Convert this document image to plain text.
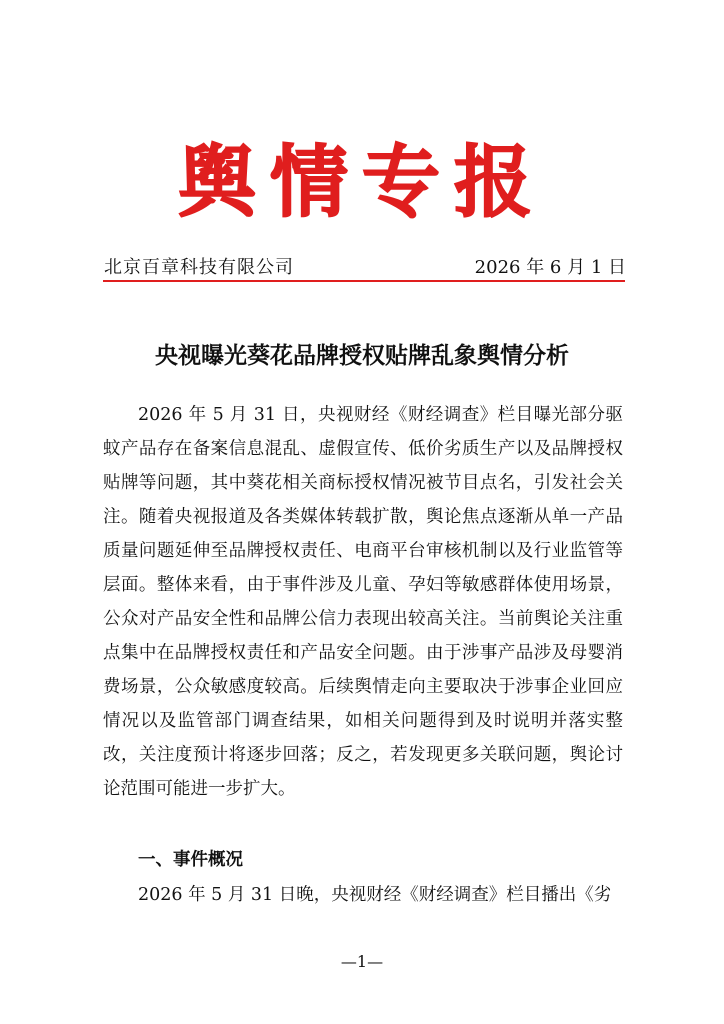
舆情专报
北京百章科技有限公司	2026 年 6 月 1 日
央视曝光葵花品牌授权贴牌乱象舆情分析
2026 年 5 月 31 日，央视财经《财经调查》栏目曝光部分驱蚊产品存在备案信息混乱、虚假宣传、低价劣质生产以及品牌授权贴牌等问题，其中葵花相关商标授权情况被节目点名，引发社会关注。随着央视报道及各类媒体转载扩散，舆论焦点逐渐从单一产品质量问题延伸至品牌授权责任、电商平台审核机制以及行业监管等层面。整体来看，由于事件涉及儿童、孕妇等敏感群体使用场景，公众对产品安全性和品牌公信力表现出较高关注。当前舆论关注重点集中在品牌授权责任和产品安全问题。由于涉事产品涉及母婴消费场景，公众敏感度较高。后续舆情走向主要取决于涉事企业回应情况以及监管部门调查结果，如相关问题得到及时说明并落实整改，关注度预计将逐步回落；反之，若发现更多关联问题，舆论讨论范围可能进一步扩大。
一、事件概况
2026 年 5 月 31 日晚，央视财经《财经调查》栏目播出《劣
—1—
